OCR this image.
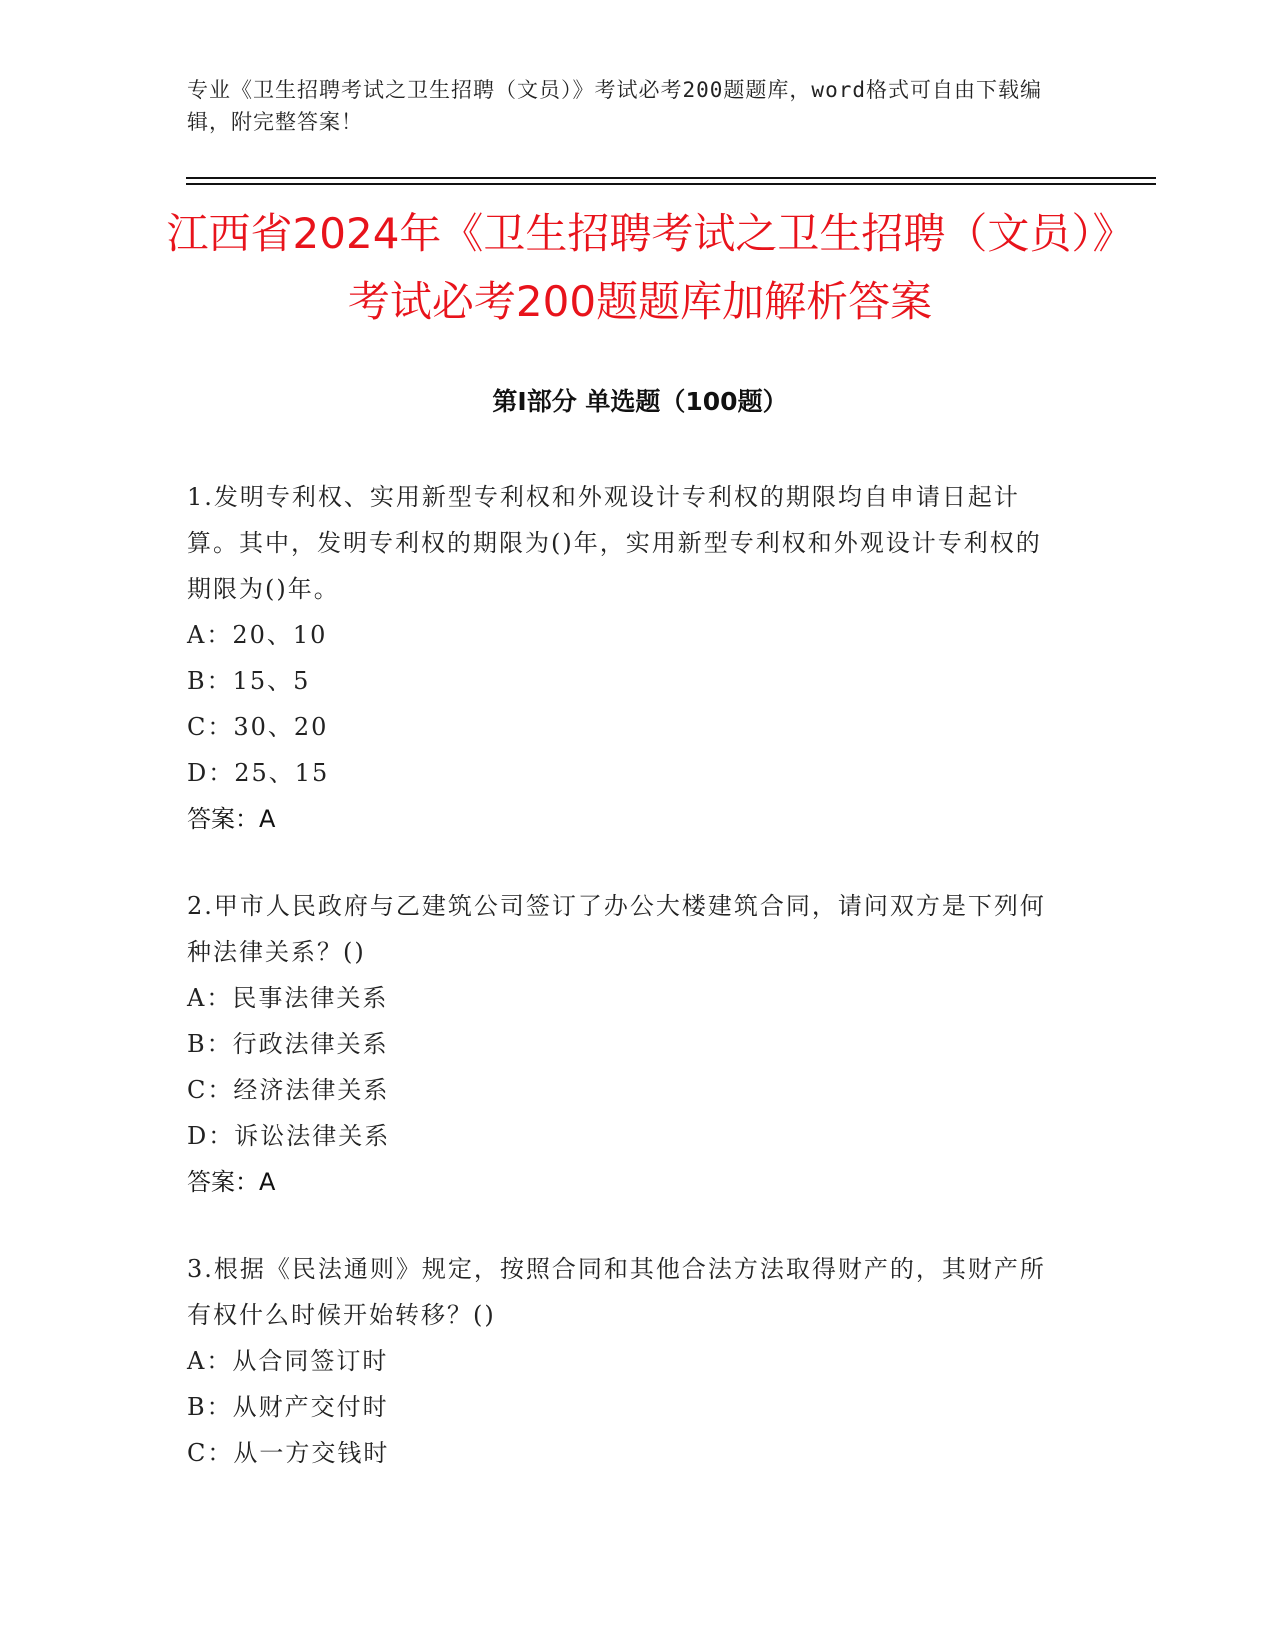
专业《卫生招聘考试之卫生招聘（文员）》考试必考200题题库，word格式可自由下载编辑，附完整答案！
江西省2024年《卫生招聘考试之卫生招聘（文员）》考试必考200题题库加解析答案
第Ⅰ部分 单选题（100题）
1.发明专利权、实用新型专利权和外观设计专利权的期限均自申请日起计算。其中，发明专利权的期限为()年，实用新型专利权和外观设计专利权的期限为()年。
A：20、10
B：15、5
C：30、20
D：25、15
答案：A
2.甲市人民政府与乙建筑公司签订了办公大楼建筑合同，请问双方是下列何种法律关系？()
A：民事法律关系
B：行政法律关系
C：经济法律关系
D：诉讼法律关系
答案：A
3.根据《民法通则》规定，按照合同和其他合法方法取得财产的，其财产所有权什么时候开始转移？()
A：从合同签订时
B：从财产交付时
C：从一方交钱时
